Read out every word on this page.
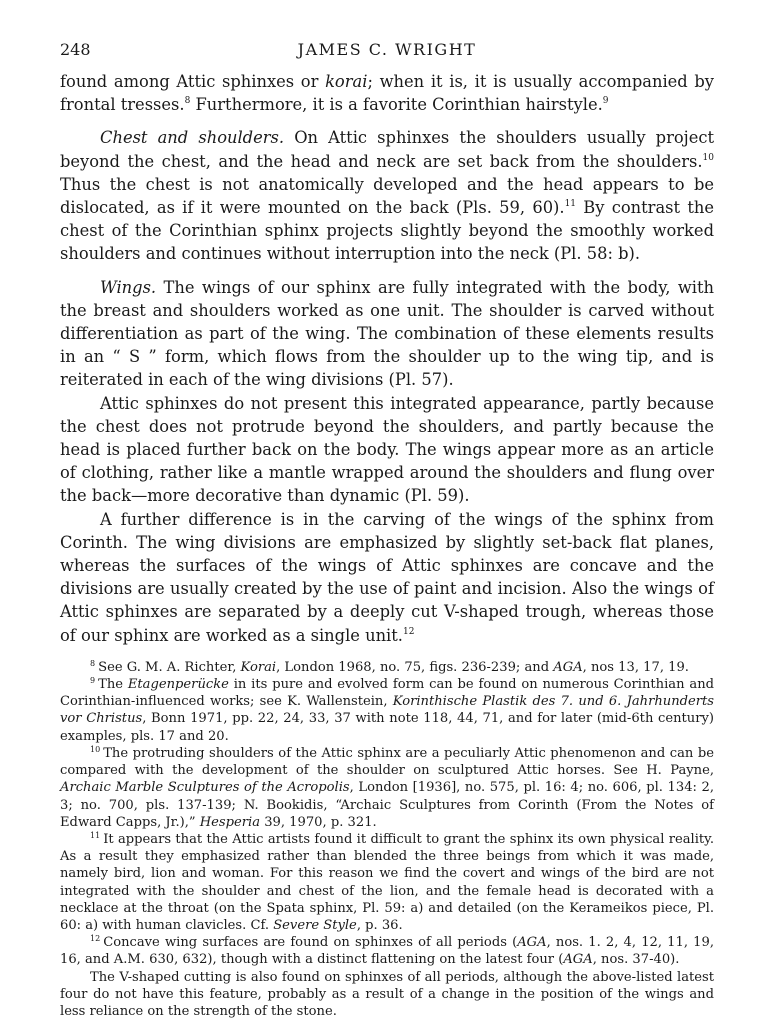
248	JAMES C. WRIGHT

found among Attic sphinxes or korai; when it is, it is usually accompanied by frontal tresses.$^8$ Furthermore, it is a favorite Corinthian hairstyle.$^9$

Chest and shoulders. On Attic sphinxes the shoulders usually project beyond the chest, and the head and neck are set back from the shoulders.$^{10}$ Thus the chest is not anatomically developed and the head appears to be dislocated, as if it were mounted on the back (Pls. 59, 60).$^{11}$ By contrast the chest of the Corinthian sphinx projects slightly beyond the smoothly worked shoulders and continues without interruption into the neck (Pl. 58: b).

Wings. The wings of our sphinx are fully integrated with the body, with the breast and shoulders worked as one unit. The shoulder is carved without differentiation as part of the wing. The combination of these elements results in an “ S ” form, which flows from the shoulder up to the wing tip, and is reiterated in each of the wing divisions (Pl. 57).

Attic sphinxes do not present this integrated appearance, partly because the chest does not protrude beyond the shoulders, and partly because the head is placed further back on the body. The wings appear more as an article of clothing, rather like a mantle wrapped around the shoulders and flung over the back—more decorative than dynamic (Pl. 59).

A further difference is in the carving of the wings of the sphinx from Corinth. The wing divisions are emphasized by slightly set-back flat planes, whereas the surfaces of the wings of Attic sphinxes are concave and the divisions are usually created by the use of paint and incision. Also the wings of Attic sphinxes are separated by a deeply cut V-shaped trough, whereas those of our sphinx are worked as a single unit.$^{12}$

$^8$ See G. M. A. Richter, Korai, London 1968, no. 75, figs. 236-239; and AGA, nos 13, 17, 19.

$^9$ The Etagenperücke in its pure and evolved form can be found on numerous Corinthian and Corinthian-influenced works; see K. Wallenstein, Korinthische Plastik des 7. und 6. Jahrhunderts vor Christus, Bonn 1971, pp. 22, 24, 33, 37 with note 118, 44, 71, and for later (mid-6th century) examples, pls. 17 and 20.

$^{10}$ The protruding shoulders of the Attic sphinx are a peculiarly Attic phenomenon and can be compared with the development of the shoulder on sculptured Attic horses. See H. Payne, Archaic Marble Sculptures of the Acropolis, London [1936], no. 575, pl. 16: 4; no. 606, pl. 134: 2, 3; no. 700, pls. 137-139; N. Bookidis, “Archaic Sculptures from Corinth (From the Notes of Edward Capps, Jr.),” Hesperia 39, 1970, p. 321.

$^{11}$ It appears that the Attic artists found it difficult to grant the sphinx its own physical reality. As a result they emphasized rather than blended the three beings from which it was made, namely bird, lion and woman. For this reason we find the covert and wings of the bird are not integrated with the shoulder and chest of the lion, and the female head is decorated with a necklace at the throat (on the Spata sphinx, Pl. 59: a) and detailed (on the Kerameikos piece, Pl. 60: a) with human clavicles. Cf. Severe Style, p. 36.

$^{12}$ Concave wing surfaces are found on sphinxes of all periods (AGA, nos. 1. 2, 4, 12, 11, 19, 16, and A.M. 630, 632), though with a distinct flattening on the latest four (AGA, nos. 37-40).

The V-shaped cutting is also found on sphinxes of all periods, although the above-listed latest four do not have this feature, probably as a result of a change in the position of the wings and less reliance on the strength of the stone.
